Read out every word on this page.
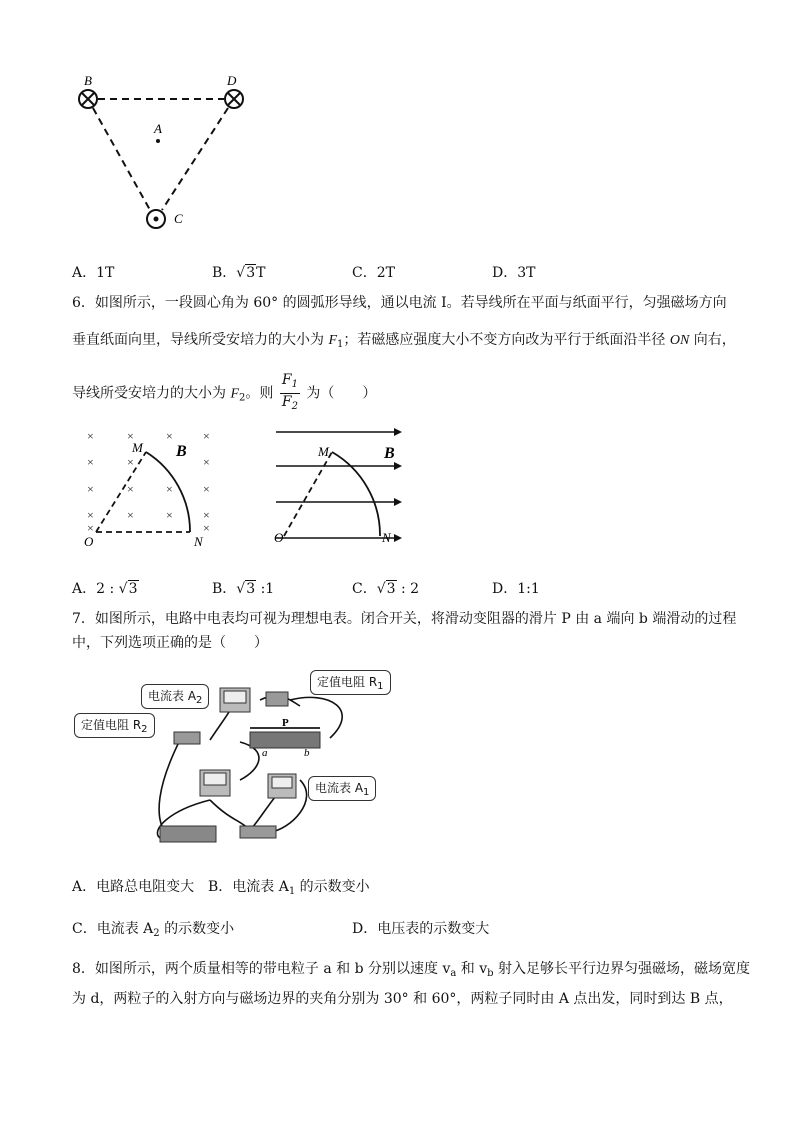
B	D
A
C
A．1T	B．√3T	C．2T	D．3T
6．如图所示，一段圆心角为 60° 的圆弧形导线，通以电流 I。若导线所在平面与纸面平行，匀强磁场方向
垂直纸面向里，导线所受安培力的大小为 $F_1$；若磁感应强度大小不变方向改为平行于纸面沿半径 ON 向右，
导线所受安培力的大小为 $F_2$。则 $\frac{F_1}{F_2}$ 为（　　）
×	×	×	×
×	×	×
×	×	×	×
×	×	×	×
×	×
M B
O	N
M	B
O	N
A．2 : √3	B．√3 :1	C．√3 : 2	D．1:1
7．如图所示，电路中电表均可视为理想电表。闭合开关，将滑动变阻器的滑片 P 由 a 端向 b 端滑动的过程
中，下列选项正确的是（　　）
P
a	b
电流表 $A_2$
定值电阻 $R_1$
定值电阻 $R_2$
电流表 $A_1$
A．电路总电阻变大 B．电流表 $A_1$ 的示数变小
C．电流表 $A_2$ 的示数变小	D．电压表的示数变大
8．如图所示，两个质量相等的带电粒子 a 和 b 分别以速度 $v_a$ 和 $v_b$ 射入足够长平行边界匀强磁场，磁场宽度
为 d，两粒子的入射方向与磁场边界的夹角分别为 30° 和 60°，两粒子同时由 A 点出发，同时到达 B 点，
